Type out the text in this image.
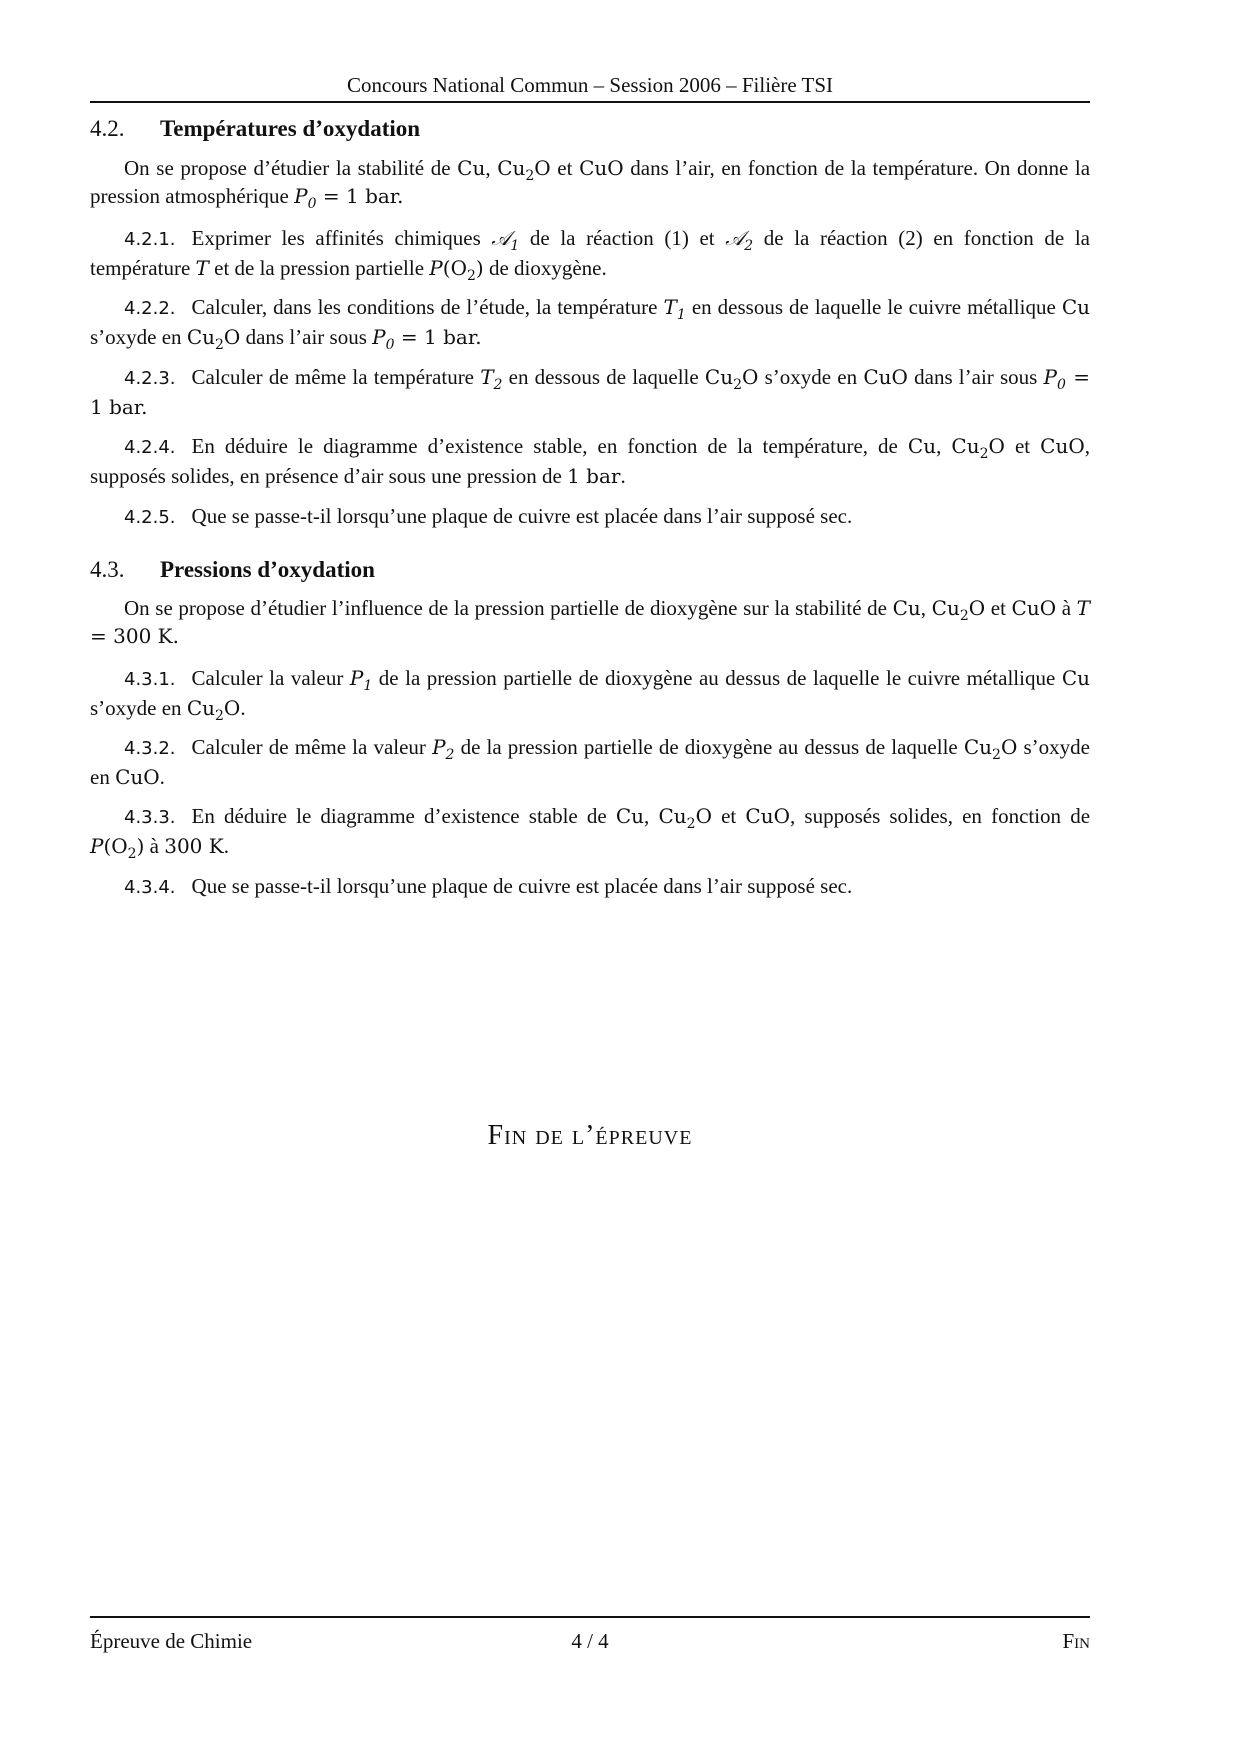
Concours National Commun – Session 2006 – Filière TSI
4.2. Températures d’oxydation

On se propose d’étudier la stabilité de Cu, $Cu_2O$ et CuO dans l’air, en fonction de la température. On donne la pression atmosphérique $P_0 = 1$ bar.

4.2.1. Exprimer les affinités chimiques 𝒜$_1$ de la réaction (1) et 𝒜$_2$ de la réaction (2) en fonction de la température T et de la pression partielle $P(O_2)$ de dioxygène.

4.2.2. Calculer, dans les conditions de l’étude, la température $T_1$ en dessous de laquelle le cuivre métallique Cu s’oxyde en $Cu_2O$ dans l’air sous $P_0 = 1$ bar.

4.2.3. Calculer de même la température $T_2$ en dessous de laquelle $Cu_2O$ s’oxyde en CuO dans l’air sous $P_0 = 1$ bar.

4.2.4. En déduire le diagramme d’existence stable, en fonction de la température, de Cu, $Cu_2O$ et CuO, supposés solides, en présence d’air sous une pression de 1 bar.

4.2.5. Que se passe-t-il lorsqu’une plaque de cuivre est placée dans l’air supposé sec.

4.3. Pressions d’oxydation

On se propose d’étudier l’influence de la pression partielle de dioxygène sur la stabilité de Cu, $Cu_2O$ et CuO à T = 300 K.

4.3.1. Calculer la valeur $P_1$ de la pression partielle de dioxygène au dessus de laquelle le cuivre métallique Cu s’oxyde en $Cu_2O$.

4.3.2. Calculer de même la valeur $P_2$ de la pression partielle de dioxygène au dessus de laquelle $Cu_2O$ s’oxyde en CuO.

4.3.3. En déduire le diagramme d’existence stable de Cu, $Cu_2O$ et CuO, supposés solides, en fonction de $P(O_2)$ à 300 K.

4.3.4. Que se passe-t-il lorsqu’une plaque de cuivre est placée dans l’air supposé sec.

Fin de l’épreuve
Épreuve de Chimie	4 / 4	Fin
